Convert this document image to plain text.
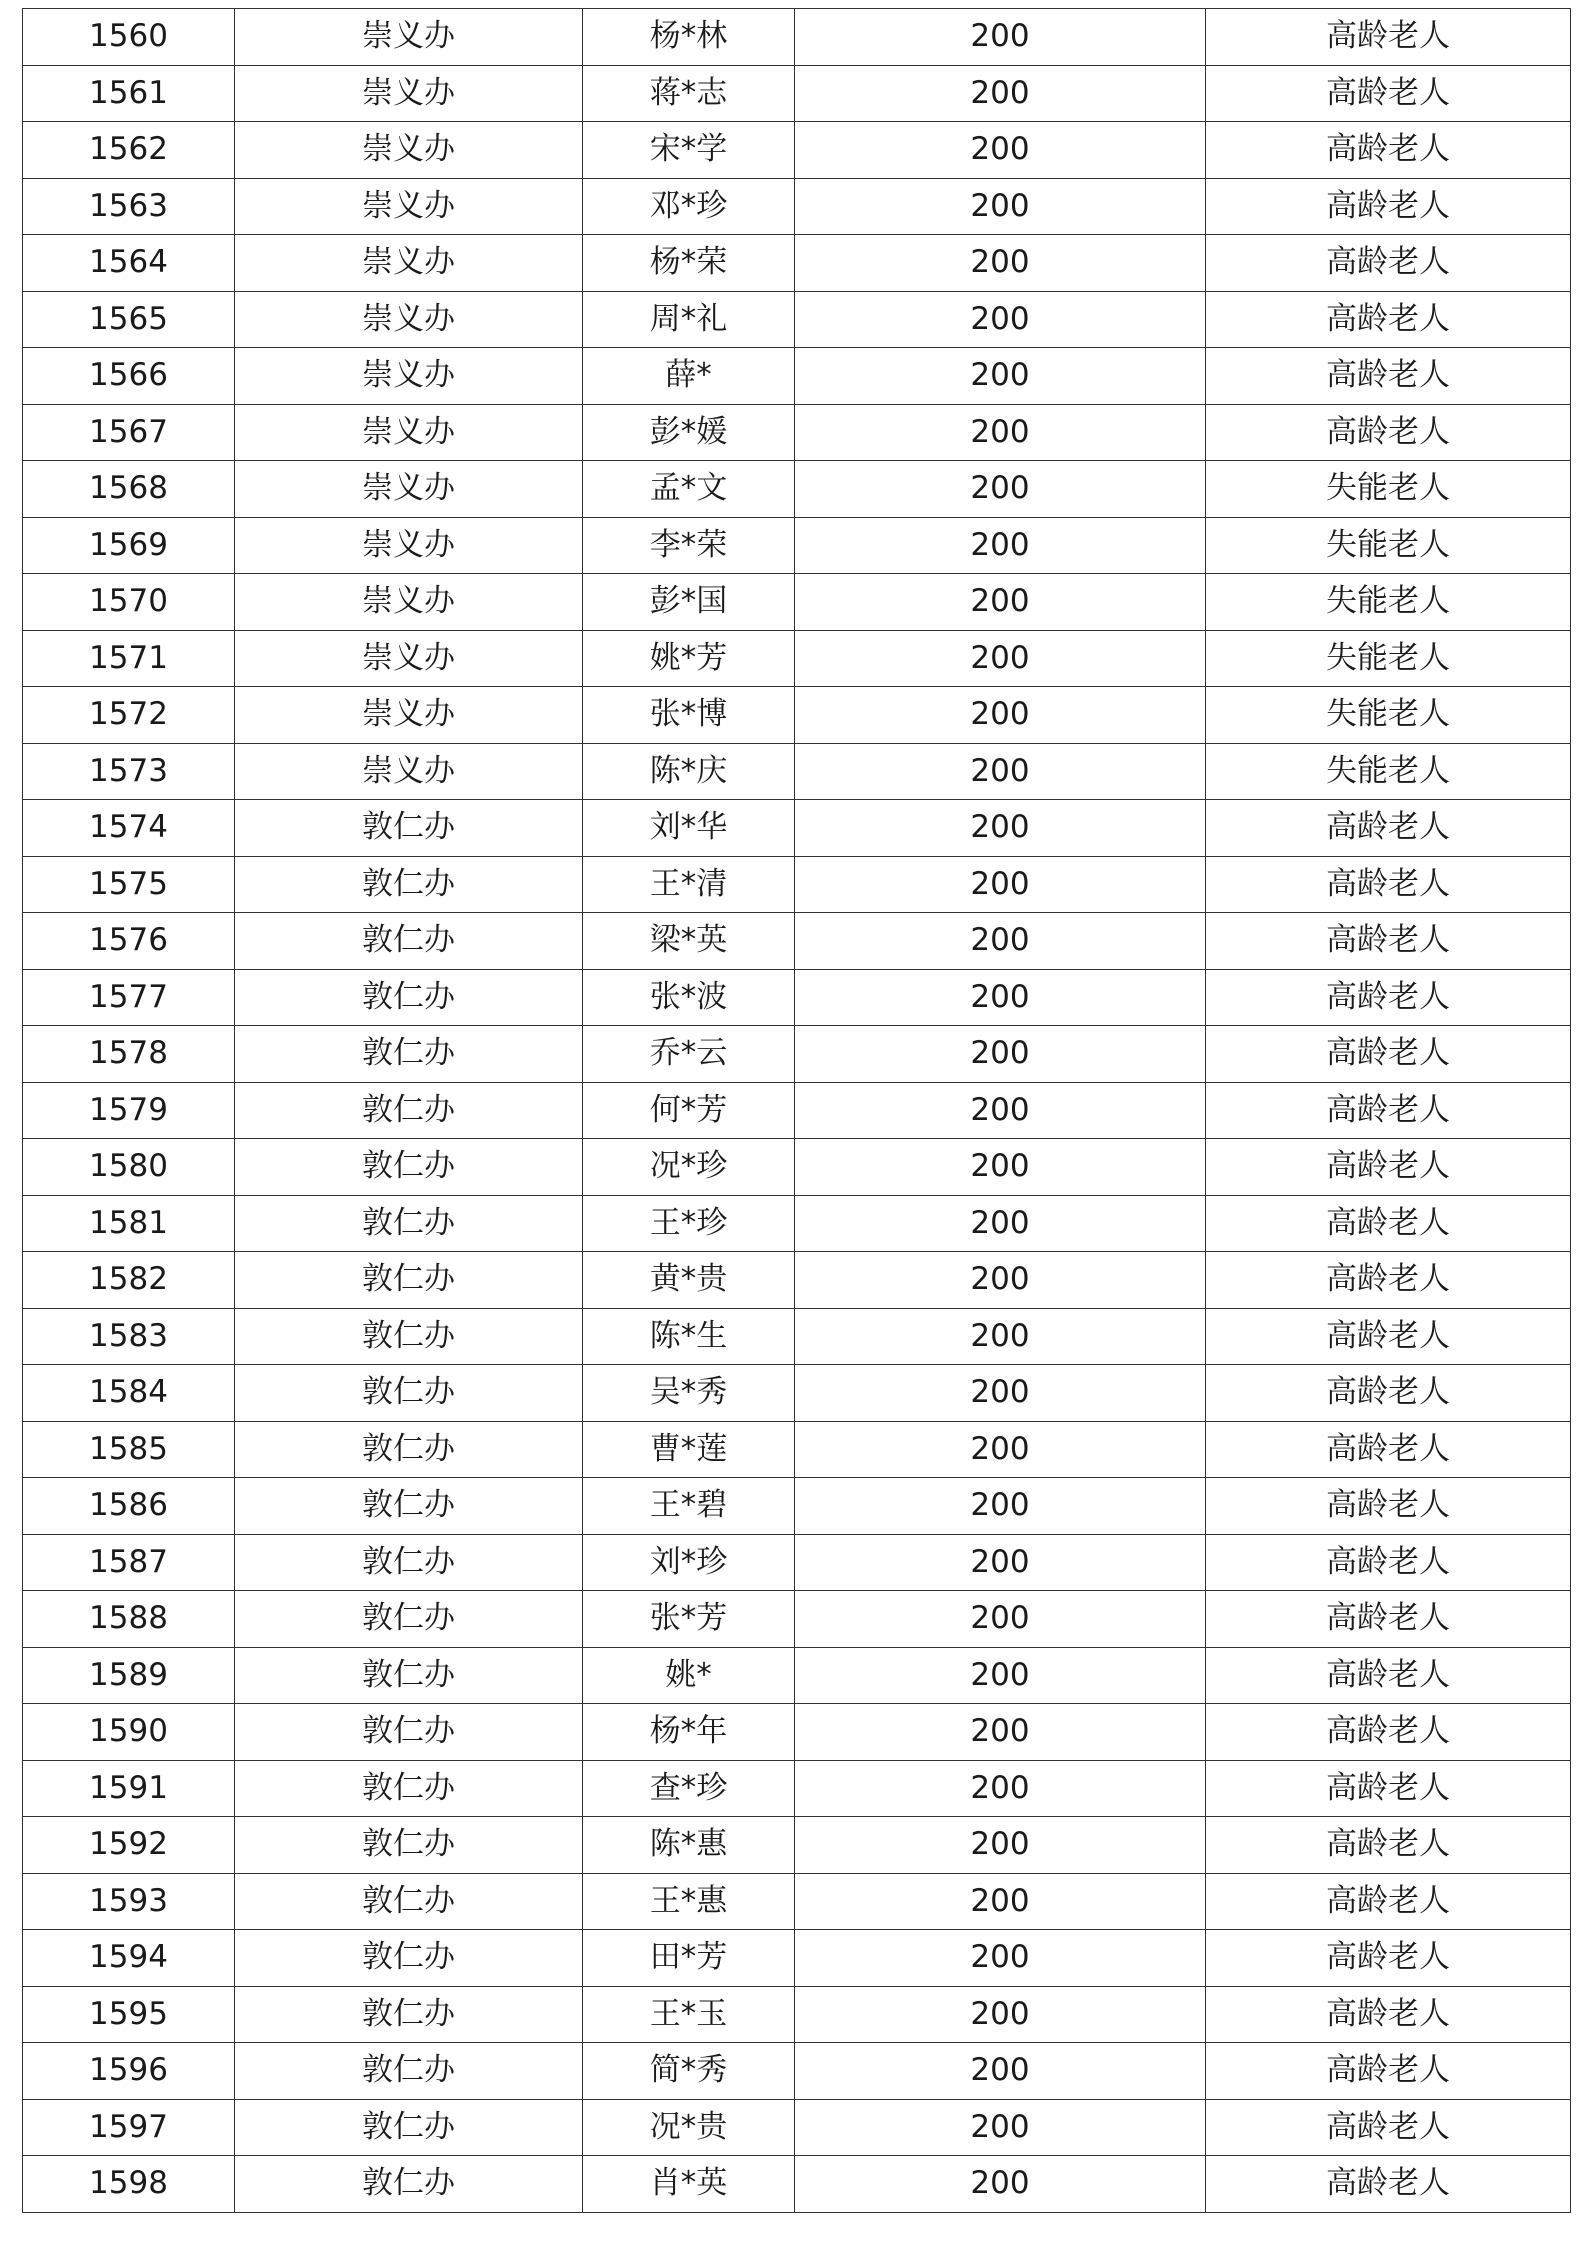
1560	崇义办	杨*林	200	高龄老人
1561	崇义办	蒋*志	200	高龄老人
1562	崇义办	宋*学	200	高龄老人
1563	崇义办	邓*珍	200	高龄老人
1564	崇义办	杨*荣	200	高龄老人
1565	崇义办	周*礼	200	高龄老人
1566	崇义办	薛*	200	高龄老人
1567	崇义办	彭*媛	200	高龄老人
1568	崇义办	孟*文	200	失能老人
1569	崇义办	李*荣	200	失能老人
1570	崇义办	彭*国	200	失能老人
1571	崇义办	姚*芳	200	失能老人
1572	崇义办	张*博	200	失能老人
1573	崇义办	陈*庆	200	失能老人
1574	敦仁办	刘*华	200	高龄老人
1575	敦仁办	王*清	200	高龄老人
1576	敦仁办	梁*英	200	高龄老人
1577	敦仁办	张*波	200	高龄老人
1578	敦仁办	乔*云	200	高龄老人
1579	敦仁办	何*芳	200	高龄老人
1580	敦仁办	况*珍	200	高龄老人
1581	敦仁办	王*珍	200	高龄老人
1582	敦仁办	黄*贵	200	高龄老人
1583	敦仁办	陈*生	200	高龄老人
1584	敦仁办	吴*秀	200	高龄老人
1585	敦仁办	曹*莲	200	高龄老人
1586	敦仁办	王*碧	200	高龄老人
1587	敦仁办	刘*珍	200	高龄老人
1588	敦仁办	张*芳	200	高龄老人
1589	敦仁办	姚*	200	高龄老人
1590	敦仁办	杨*年	200	高龄老人
1591	敦仁办	查*珍	200	高龄老人
1592	敦仁办	陈*惠	200	高龄老人
1593	敦仁办	王*惠	200	高龄老人
1594	敦仁办	田*芳	200	高龄老人
1595	敦仁办	王*玉	200	高龄老人
1596	敦仁办	简*秀	200	高龄老人
1597	敦仁办	况*贵	200	高龄老人
1598	敦仁办	肖*英	200	高龄老人
